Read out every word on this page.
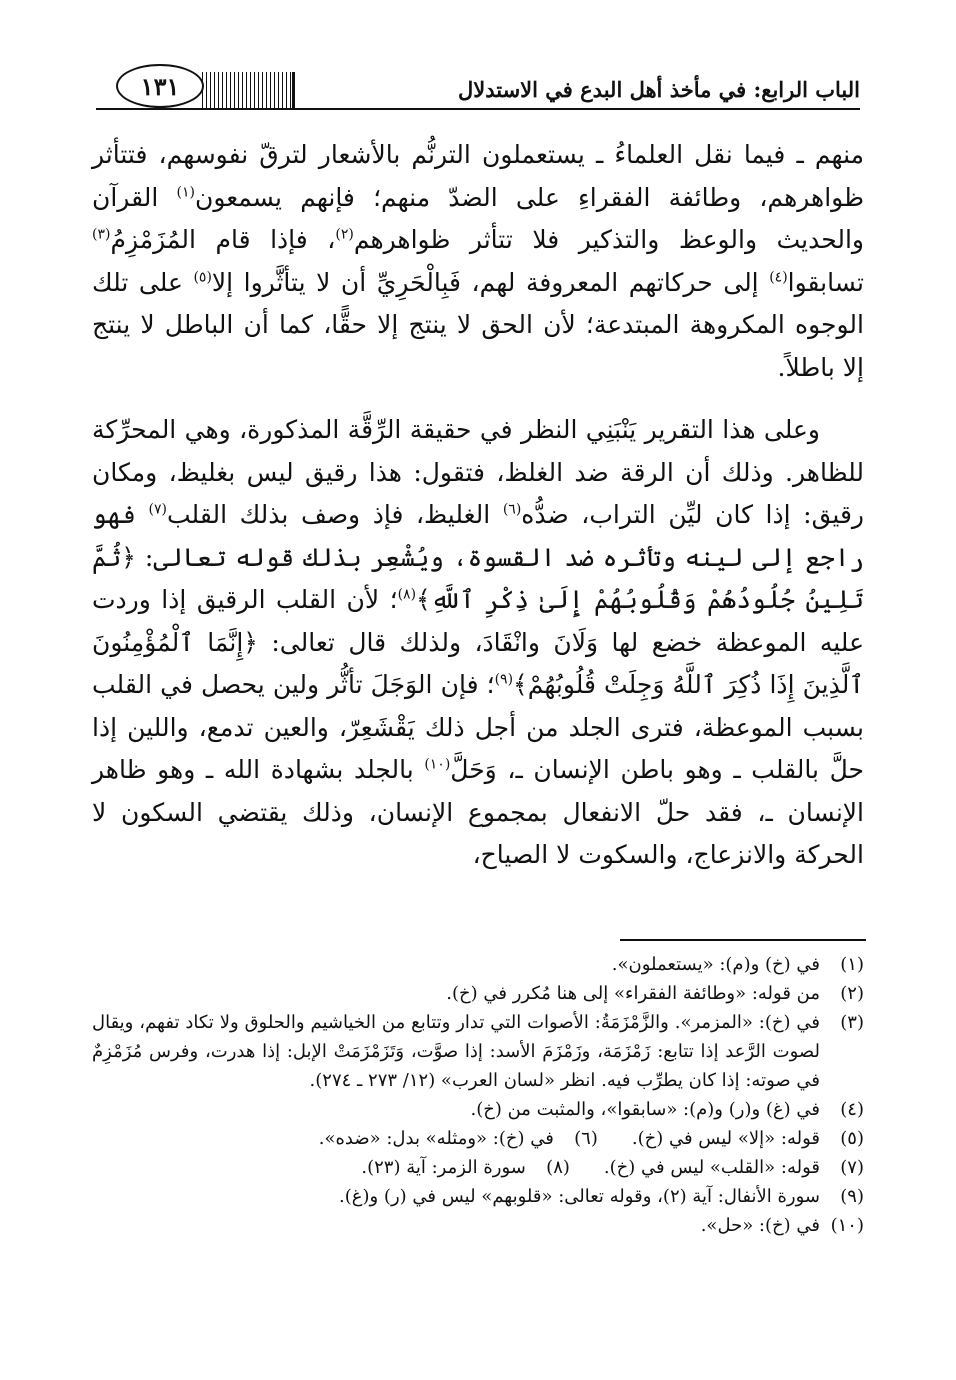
١٣١	الباب الرابع: في مأخذ أهل البدع في الاستدلال

منهم ـ فيما نقل العلماءُ ـ يستعملون الترنُّم بالأشعار لترقّ نفوسهم، فتتأثر ظواهرهم، وطائفة الفقراءِ على الضدّ منهم؛ فإنهم يسمعون$^{(١)}$ القرآن والحديث والوعظ والتذكير فلا تتأثر ظواهرهم$^{(٢)}$، فإذا قام المُزَمْزِمُ$^{(٣)}$ تسابقوا$^{(٤)}$ إلى حركاتهم المعروفة لهم، فَبِالْحَرِيِّ أن لا يتأثَّروا إلا$^{(٥)}$ على تلك الوجوه المكروهة المبتدعة؛ لأن الحق لا ينتج إلا حقًّا، كما أن الباطل لا ينتج إلا باطلاً.

وعلى هذا التقرير يَنْبَنِي النظر في حقيقة الرِّقَّة المذكورة، وهي المحرِّكة للظاهر. وذلك أن الرقة ضد الغلظ، فتقول: هذا رقيق ليس بغليظ، ومكان رقيق: إذا كان ليِّن التراب، ضدُّه$^{(٦)}$ الغليظ، فإذ وصف بذلك القلب$^{(٧)}$ فهو راجع إلى لينه وتأثره ضد القسوة، ويُشْعِر بذلك قوله تعالى: ﴿ثُمَّ تَلِينُ جُلُودُهُمْ وَقُلُوبُهُمْ إِلَىٰ ذِكْرِ ٱللَّهِ﴾$^{(٨)}$؛ لأن القلب الرقيق إذا وردت عليه الموعظة خضع لها وَلَانَ وانْقَادَ، ولذلك قال تعالى: ﴿إِنَّمَا ٱلْمُؤْمِنُونَ ٱلَّذِينَ إِذَا ذُكِرَ ٱللَّهُ وَجِلَتْ قُلُوبُهُمْ﴾$^{(٩)}$؛ فإن الوَجَلَ تأثُّر ولين يحصل في القلب بسبب الموعظة، فترى الجلد من أجل ذلك يَقْشَعِرّ، والعين تدمع، واللين إذا حلَّ بالقلب ـ وهو باطن الإنسان ـ، وَحَلَّ$^{(١٠)}$ بالجلد بشهادة الله ـ وهو ظاهر الإنسان ـ، فقد حلّ الانفعال بمجموع الإنسان، وذلك يقتضي السكون لا الحركة والانزعاج، والسكوت لا الصياح،

(١)
في (خ) و(م): «يستعملون».
(٢)
من قوله: «وطائفة الفقراء» إلى هنا مُكرر في (خ).
(٣)
في (خ): «المزمر». والزَّمْزَمَةُ: الأصوات التي تدار وتتابع من الخياشيم والحلوق ولا تكاد تفهم، ويقال لصوت الرَّعد إذا تتابع: زَمْزَمَة، وزَمْزَمَ الأسد: إذا صوَّت، وَتَزَمْزَمَتْ الإبل: إذا هدرت، وفرس مُزَمْزِمٌ في صوته: إذا كان يطرِّب فيه. انظر «لسان العرب» (١٢/ ٢٧٣ ـ ٢٧٤).
(٤)
في (غ) و(ر) و(م): «سابقوا»، والمثبت من (خ).
(٥)
قوله: «إلا» ليس في (خ).
(٦)
في (خ): «ومثله» بدل: «ضده».
(٧)
قوله: «القلب» ليس في (خ).
(٨)
سورة الزمر: آية (٢٣).
(٩)
سورة الأنفال: آية (٢)، وقوله تعالى: «قلوبهم» ليس في (ر) و(غ).
(١٠)
في (خ): «حل».
